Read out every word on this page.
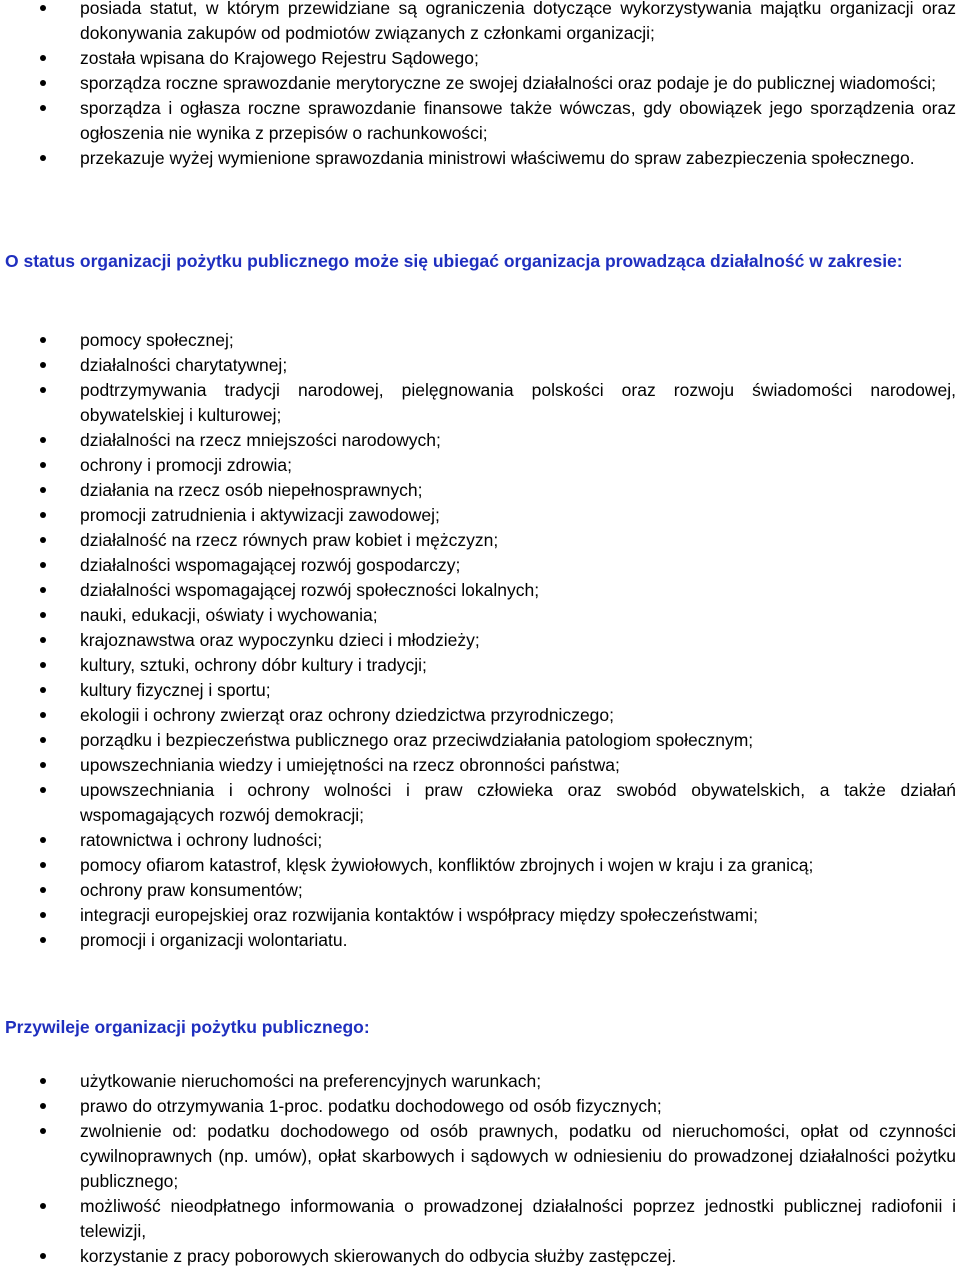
posiada statut, w którym przewidziane są ograniczenia dotyczące wykorzystywania majątku organizacji oraz dokonywania zakupów od podmiotów związanych z członkami organizacji;
została wpisana do Krajowego Rejestru Sądowego;
sporządza roczne sprawozdanie merytoryczne ze swojej działalności oraz podaje je do publicznej wiadomości;
sporządza i ogłasza roczne sprawozdanie finansowe także wówczas, gdy obowiązek jego sporządzenia oraz ogłoszenia nie wynika z przepisów o rachunkowości;
przekazuje wyżej wymienione sprawozdania ministrowi właściwemu do spraw zabezpieczenia społecznego.
O status organizacji pożytku publicznego może się ubiegać organizacja prowadząca działalność w zakresie:
pomocy społecznej;
działalności charytatywnej;
podtrzymywania tradycji narodowej, pielęgnowania polskości oraz rozwoju świadomości narodowej, obywatelskiej i kulturowej;
działalności na rzecz mniejszości narodowych;
ochrony i promocji zdrowia;
działania na rzecz osób niepełnosprawnych;
promocji zatrudnienia i aktywizacji zawodowej;
działalność na rzecz równych praw kobiet i mężczyzn;
działalności wspomagającej rozwój gospodarczy;
działalności wspomagającej rozwój społeczności lokalnych;
nauki, edukacji, oświaty i wychowania;
krajoznawstwa oraz wypoczynku dzieci i młodzieży;
kultury, sztuki, ochrony dóbr kultury i tradycji;
kultury fizycznej i sportu;
ekologii i ochrony zwierząt oraz ochrony dziedzictwa przyrodniczego;
porządku i bezpieczeństwa publicznego oraz przeciwdziałania patologiom społecznym;
upowszechniania wiedzy i umiejętności na rzecz obronności państwa;
upowszechniania i ochrony wolności i praw człowieka oraz swobód obywatelskich, a także działań wspomagających rozwój demokracji;
ratownictwa i ochrony ludności;
pomocy ofiarom katastrof, klęsk żywiołowych, konfliktów zbrojnych i wojen w kraju i za granicą;
ochrony praw konsumentów;
integracji europejskiej oraz rozwijania kontaktów i współpracy między społeczeństwami;
promocji i organizacji wolontariatu.
Przywileje organizacji pożytku publicznego:
użytkowanie nieruchomości na preferencyjnych warunkach;
prawo do otrzymywania 1-proc. podatku dochodowego od osób fizycznych;
zwolnienie od: podatku dochodowego od osób prawnych, podatku od nieruchomości, opłat od czynności cywilnoprawnych (np. umów), opłat skarbowych i sądowych w odniesieniu do prowadzonej działalności pożytku publicznego;
możliwość nieodpłatnego informowania o prowadzonej działalności poprzez jednostki publicznej radiofonii i telewizji,
korzystanie z pracy poborowych skierowanych do odbycia służby zastępczej.
